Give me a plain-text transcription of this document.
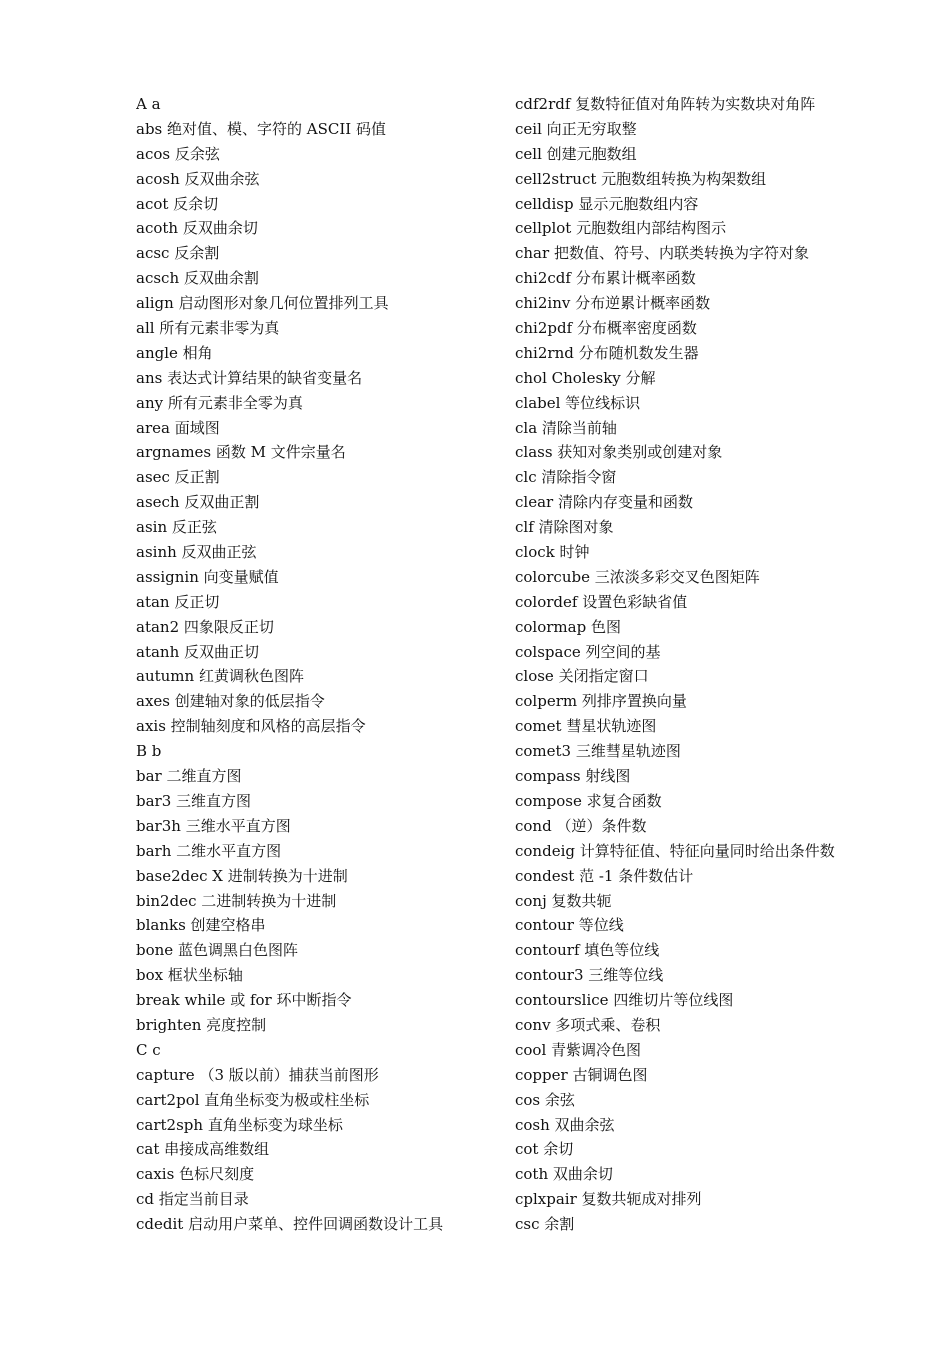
A a
abs 绝对值、模、字符的 ASCII 码值
acos 反余弦
acosh 反双曲余弦
acot 反余切
acoth 反双曲余切
acsc 反余割
acsch 反双曲余割
align 启动图形对象几何位置排列工具
all 所有元素非零为真
angle 相角
ans 表达式计算结果的缺省变量名
any 所有元素非全零为真
area 面域图
argnames 函数 M 文件宗量名
asec 反正割
asech 反双曲正割
asin 反正弦
asinh 反双曲正弦
assignin 向变量赋值
atan 反正切
atan2 四象限反正切
atanh 反双曲正切
autumn 红黄调秋色图阵
axes 创建轴对象的低层指令
axis 控制轴刻度和风格的高层指令
B b
bar 二维直方图
bar3 三维直方图
bar3h 三维水平直方图
barh 二维水平直方图
base2dec X 进制转换为十进制
bin2dec 二进制转换为十进制
blanks 创建空格串
bone 蓝色调黑白色图阵
box 框状坐标轴
break while 或 for 环中断指令
brighten 亮度控制
C c
capture （3 版以前）捕获当前图形
cart2pol 直角坐标变为极或柱坐标
cart2sph 直角坐标变为球坐标
cat 串接成高维数组
caxis 色标尺刻度
cd 指定当前目录
cdedit 启动用户菜单、控件回调函数设计工具
cdf2rdf 复数特征值对角阵转为实数块对角阵
ceil 向正无穷取整
cell 创建元胞数组
cell2struct 元胞数组转换为构架数组
celldisp 显示元胞数组内容
cellplot 元胞数组内部结构图示
char 把数值、符号、内联类转换为字符对象
chi2cdf 分布累计概率函数
chi2inv 分布逆累计概率函数
chi2pdf 分布概率密度函数
chi2rnd 分布随机数发生器
chol Cholesky 分解
clabel 等位线标识
cla 清除当前轴
class 获知对象类别或创建对象
clc 清除指令窗
clear 清除内存变量和函数
clf 清除图对象
clock 时钟
colorcube 三浓淡多彩交叉色图矩阵
colordef 设置色彩缺省值
colormap 色图
colspace 列空间的基
close 关闭指定窗口
colperm 列排序置换向量
comet 彗星状轨迹图
comet3 三维彗星轨迹图
compass 射线图
compose 求复合函数
cond （逆）条件数
condeig 计算特征值、特征向量同时给出条件数
condest 范 -1 条件数估计
conj 复数共轭
contour 等位线
contourf 填色等位线
contour3 三维等位线
contourslice 四维切片等位线图
conv 多项式乘、卷积
cool 青紫调冷色图
copper 古铜调色图
cos 余弦
cosh 双曲余弦
cot 余切
coth 双曲余切
cplxpair 复数共轭成对排列
csc 余割
